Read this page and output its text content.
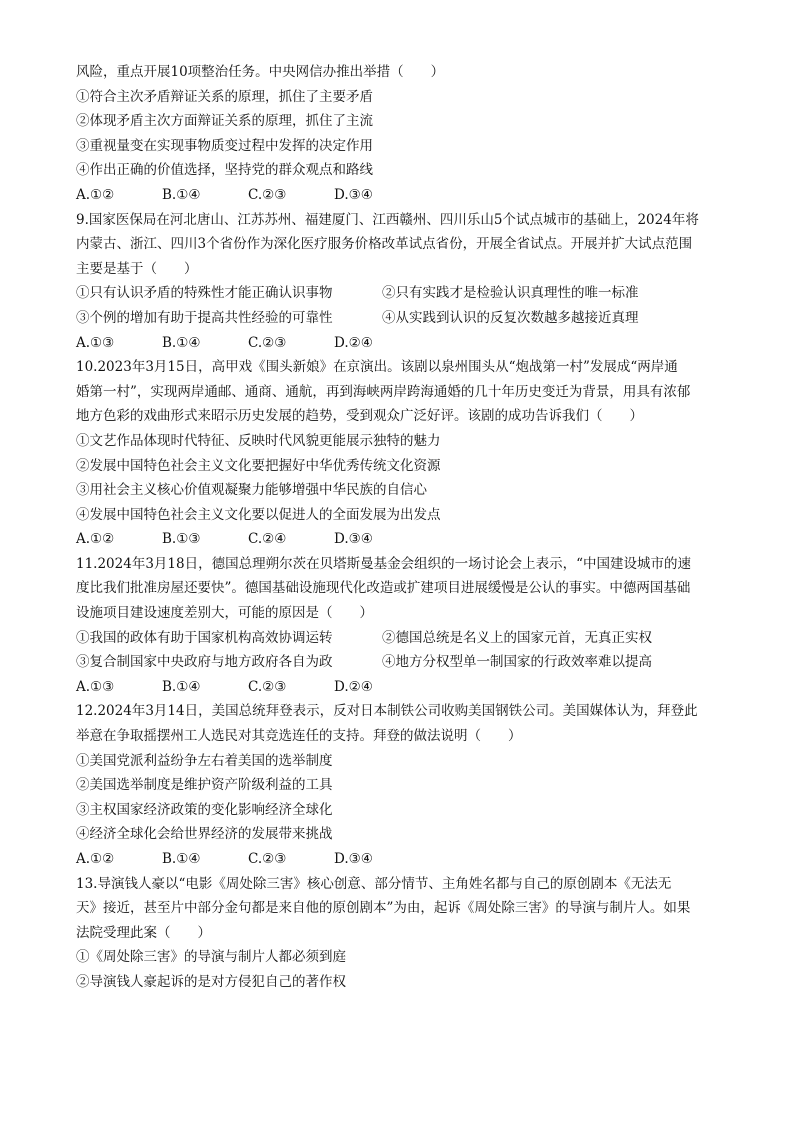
风险，重点开展10项整治任务。中央网信办推出举措（　　）
①符合主次矛盾辩证关系的原理，抓住了主要矛盾
②体现矛盾主次方面辩证关系的原理，抓住了主流
③重视量变在实现事物质变过程中发挥的决定作用
④作出正确的价值选择，坚持党的群众观点和路线
A.①②	B.①④	C.②③	D.③④
9.国家医保局在河北唐山、江苏苏州、福建厦门、江西赣州、四川乐山5个试点城市的基础上，2024年将
内蒙古、浙江、四川3个省份作为深化医疗服务价格改革试点省份，开展全省试点。开展并扩大试点范围
主要是基于（　　）
①只有认识矛盾的特殊性才能正确认识事物	②只有实践才是检验认识真理性的唯一标准
③个例的增加有助于提高共性经验的可靠性	④从实践到认识的反复次数越多越接近真理
A.①③	B.①④	C.②③	D.②④
10.2023年3月15日，高甲戏《围头新娘》在京演出。该剧以泉州围头从“炮战第一村”发展成“两岸通
婚第一村”，实现两岸通邮、通商、通航，再到海峡两岸跨海通婚的几十年历史变迁为背景，用具有浓郁
地方色彩的戏曲形式来昭示历史发展的趋势，受到观众广泛好评。该剧的成功告诉我们（　　）
①文艺作品体现时代特征、反映时代风貌更能展示独特的魅力
②发展中国特色社会主义文化要把握好中华优秀传统文化资源
③用社会主义核心价值观凝聚力能够增强中华民族的自信心
④发展中国特色社会主义文化要以促进人的全面发展为出发点
A.①②	B.①③	C.②④	D.③④
11.2024年3月18日，德国总理朔尔茨在贝塔斯曼基金会组织的一场讨论会上表示，“中国建设城市的速
度比我们批准房屋还要快”。德国基础设施现代化改造或扩建项目进展缓慢是公认的事实。中德两国基础
设施项目建设速度差别大，可能的原因是（　　）
①我国的政体有助于国家机构高效协调运转	②德国总统是名义上的国家元首，无真正实权
③复合制国家中央政府与地方政府各自为政	④地方分权型单一制国家的行政效率难以提高
A.①③	B.①④	C.②③	D.②④
12.2024年3月14日，美国总统拜登表示，反对日本制铁公司收购美国钢铁公司。美国媒体认为，拜登此
举意在争取摇摆州工人选民对其竞选连任的支持。拜登的做法说明（　　）
①美国党派利益纷争左右着美国的选举制度
②美国选举制度是维护资产阶级利益的工具
③主权国家经济政策的变化影响经济全球化
④经济全球化会给世界经济的发展带来挑战
A.①②	B.①④	C.②③	D.③④
13.导演钱人豪以“电影《周处除三害》核心创意、部分情节、主角姓名都与自己的原创剧本《无法无
天》接近，甚至片中部分金句都是来自他的原创剧本”为由，起诉《周处除三害》的导演与制片人。如果
法院受理此案（　　）
①《周处除三害》的导演与制片人都必须到庭
②导演钱人豪起诉的是对方侵犯自己的著作权
